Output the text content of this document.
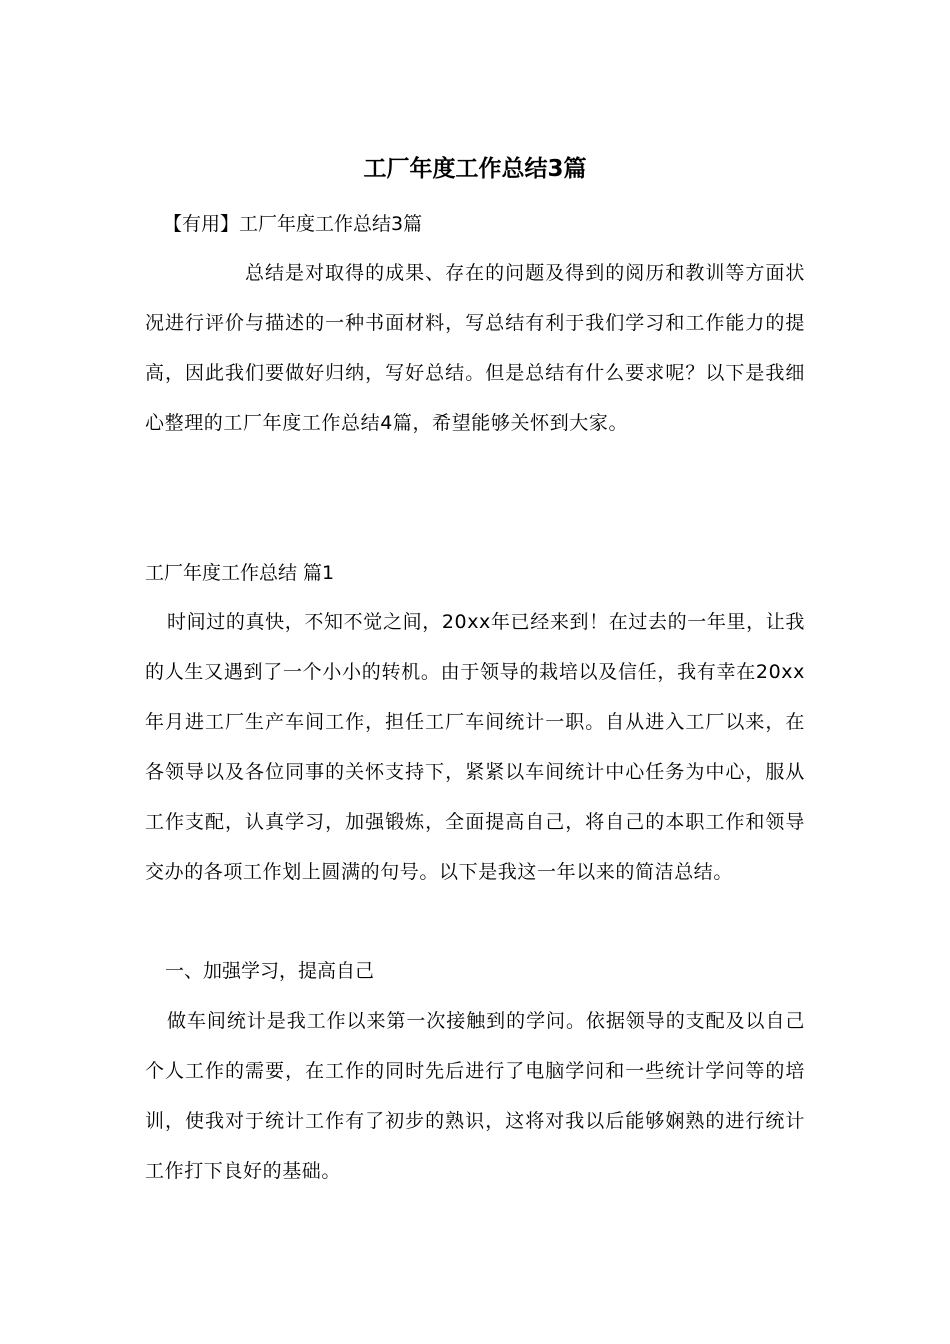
工厂年度工作总结3篇
【有用】工厂年度工作总结3篇
总结是对取得的成果、存在的问题及得到的阅历和教训等方面状况进行评价与描述的一种书面材料，写总结有利于我们学习和工作能力的提高，因此我们要做好归纳，写好总结。但是总结有什么要求呢？以下是我细心整理的工厂年度工作总结4篇，希望能够关怀到大家。
工厂年度工作总结 篇1
时间过的真快，不知不觉之间，20xx年已经来到！在过去的一年里，让我的人生又遇到了一个小小的转机。由于领导的栽培以及信任，我有幸在20xx年月进工厂生产车间工作，担任工厂车间统计一职。自从进入工厂以来，在各领导以及各位同事的关怀支持下，紧紧以车间统计中心任务为中心，服从工作支配，认真学习，加强锻炼，全面提高自己，将自己的本职工作和领导交办的各项工作划上圆满的句号。以下是我这一年以来的简洁总结。
一、加强学习，提高自己
做车间统计是我工作以来第一次接触到的学问。依据领导的支配及以自己个人工作的需要，在工作的同时先后进行了电脑学问和一些统计学问等的培训，使我对于统计工作有了初步的熟识，这将对我以后能够娴熟的进行统计工作打下良好的基础。
